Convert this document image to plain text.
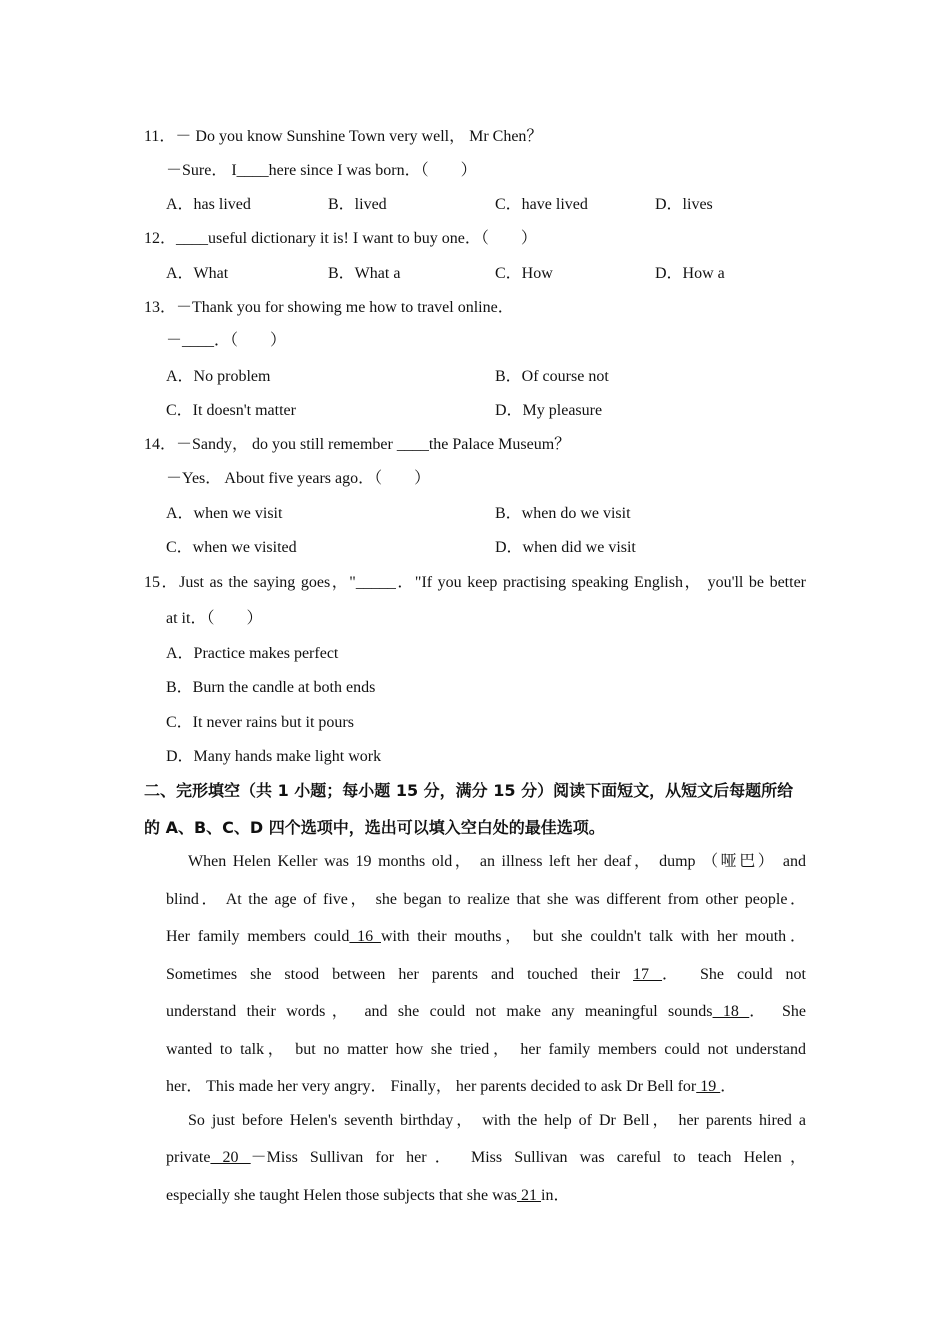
11．－ Do you know Sunshine Town very well， Mr Chen？
－Sure． I____here since I was born．（　　）
A．has lived	B．lived	C．have lived	D．lives
12．____useful dictionary it is! I want to buy one．（　　）
A．What	B．What a	C．How	D．How a
13．－Thank you for showing me how to travel online．
－____．（　　）
A．No problem	B．Of course not
C．It doesn't matter	D．My pleasure
14．－Sandy， do you still remember ____the Palace Museum？
－Yes． About five years ago．（　　）
A．when we visit	B．when do we visit
C．when we visited	D．when did we visit
15．Just as the saying goes，"_____．"If you keep practising speaking English， you'll be better
at it．（　　）
A．Practice makes perfect
B．Burn the candle at both ends
C．It never rains but it pours
D．Many hands make light work
二、完形填空（共 1 小题；每小题 15 分，满分 15 分）阅读下面短文，从短文后每题所给
的 A、B、C、D 四个选项中，选出可以填入空白处的最佳选项。
When Helen Keller was 19 months old， an illness left her deaf， dump （哑巴） and
blind． At the age of five， she began to realize that she was different from other people．
Her family members could 16 with their mouths， but she couldn't talk with her mouth．
Sometimes she stood between her parents and touched their 17 ． She could not
understand their words， and she could not make any meaningful sounds 18 ． She
wanted to talk， but no matter how she tried， her family members could not understand
her． This made her very angry． Finally， her parents decided to ask Dr Bell for 19 ．
So just before Helen's seventh birthday， with the help of Dr Bell， her parents hired a
private 20 －Miss Sullivan for her． Miss Sullivan was careful to teach Helen，
especially she taught Helen those subjects that she was 21 in．
